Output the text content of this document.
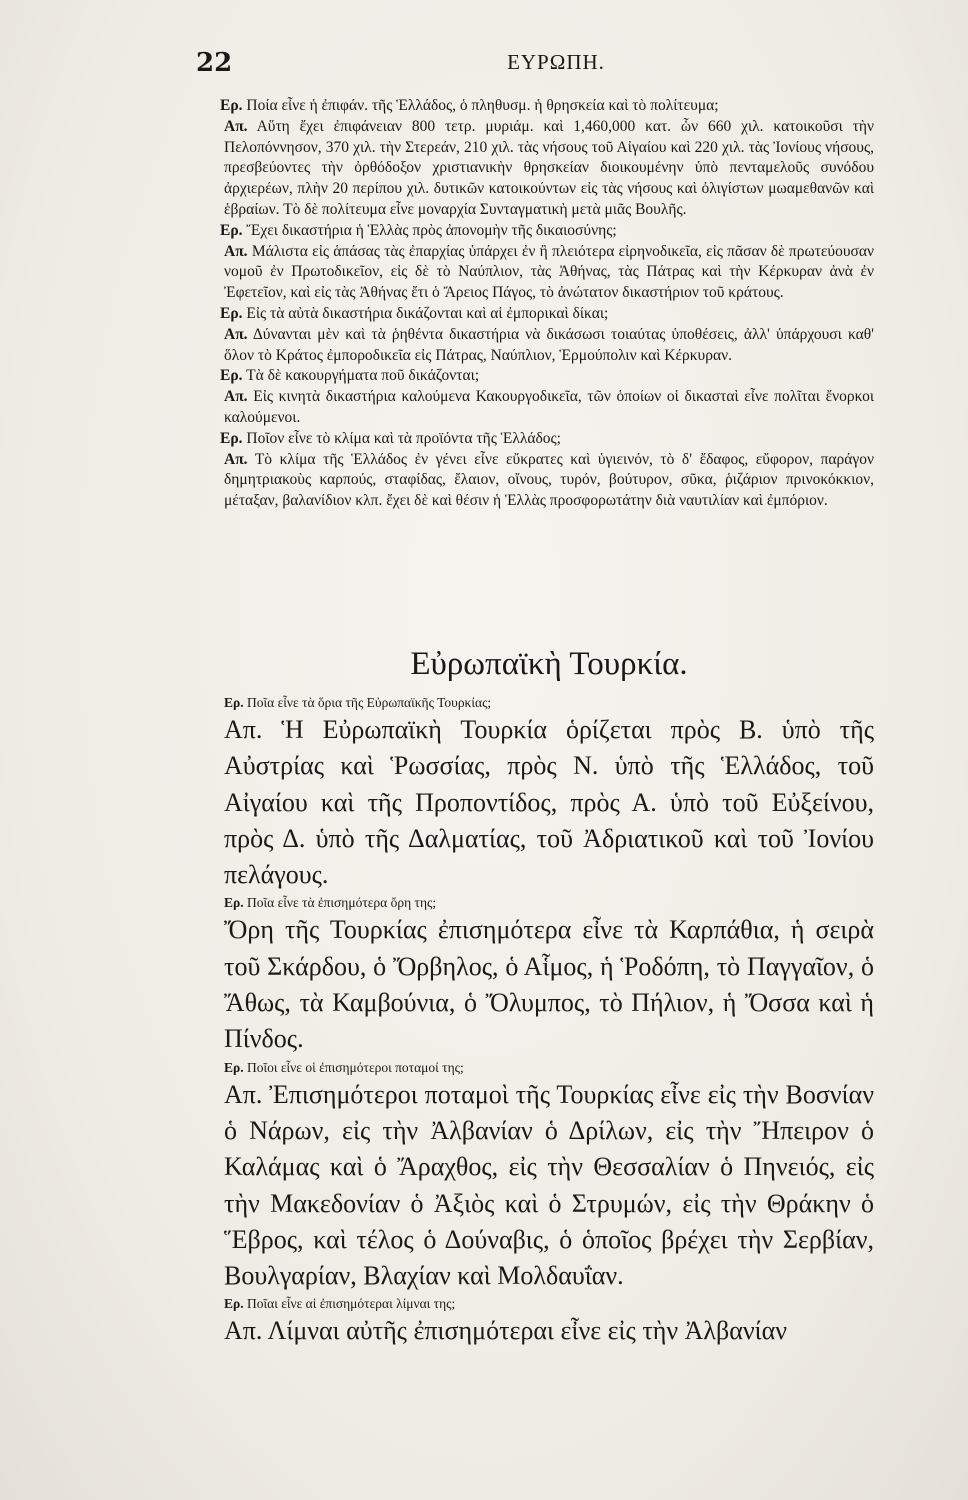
22	ΕΥΡΩΠΗ.

Ερ. Ποία εἶνε ἡ ἐπιφάν. τῆς Ἑλλάδος, ὁ πληθυσμ. ἡ θρησκεία καὶ τὸ πολίτευμα;

Απ. Αὕτη ἔχει ἐπιφάνειαν 800 τετρ. μυριάμ. καὶ 1,460,000 κατ. ὧν 660 χιλ. κατοικοῦσι τὴν Πελοπόννησον, 370 χιλ. τὴν Στερεάν, 210 χιλ. τὰς νήσους τοῦ Αἰγαίου καὶ 220 χιλ. τὰς Ἰονίους νήσους, πρεσβεύοντες τὴν ὀρθόδοξον χριστιανικὴν θρησκείαν διοικουμένην ὑπὸ πενταμελοῦς συνόδου ἀρχιερέων, πλὴν 20 περίπου χιλ. δυτικῶν κατοικούντων εἰς τὰς νήσους καὶ ὀλιγίστων μωαμεθανῶν καὶ ἑβραίων. Τὸ δὲ πολίτευμα εἶνε μοναρχία Συνταγματικὴ μετὰ μιᾶς Βουλῆς.

Ερ. Ἔχει δικαστήρια ἡ Ἑλλὰς πρὸς ἀπονομὴν τῆς δικαιοσύνης;

Απ. Μάλιστα εἰς ἁπάσας τὰς ἐπαρχίας ὑπάρχει ἐν ἢ πλειότερα εἰρηνοδικεῖα, εἰς πᾶσαν δὲ πρωτεύουσαν νομοῦ ἐν Πρωτοδικεῖον, εἰς δὲ τὸ Ναύπλιον, τὰς Ἀθήνας, τὰς Πάτρας καὶ τὴν Κέρκυραν ἀνὰ ἐν Ἐφετεῖον, καὶ εἰς τὰς Ἀθήνας ἔτι ὁ Ἄρειος Πάγος, τὸ ἀνώτατον δικαστήριον τοῦ κράτους.

Ερ. Εἰς τὰ αὐτὰ δικαστήρια δικάζονται καὶ αἱ ἐμπορικαὶ δίκαι;

Απ. Δύνανται μὲν καὶ τὰ ῥηθέντα δικαστήρια νὰ δικάσωσι τοιαύτας ὑποθέσεις, ἀλλ' ὑπάρχουσι καθ' ὅλον τὸ Κράτος ἐμποροδικεῖα εἰς Πάτρας, Ναύπλιον, Ἑρμούπολιν καὶ Κέρκυραν.

Ερ. Τὰ δὲ κακουργήματα ποῦ δικάζονται;

Απ. Εἰς κινητὰ δικαστήρια καλούμενα Κακουργοδικεῖα, τῶν ὁποίων οἱ δικασταὶ εἶνε πολῖται ἔνορκοι καλούμενοι.

Ερ. Ποῖον εἶνε τὸ κλίμα καὶ τὰ προϊόντα τῆς Ἑλλάδος;

Απ. Τὸ κλίμα τῆς Ἑλλάδος ἐν γένει εἶνε εὔκρατες καὶ ὑγιεινόν, τὸ δ' ἔδαφος, εὔφορον, παράγον δημητριακοὺς καρπούς, σταφίδας, ἔλαιον, οἴνους, τυρόν, βούτυρον, σῦκα, ῥιζάριον πρινοκόκκιον, μέταξαν, βαλανίδιον κλπ. ἔχει δὲ καὶ θέσιν ἡ Ἑλλὰς προσφορωτάτην διὰ ναυτιλίαν καὶ ἐμπόριον.

Εὐρωπαϊκὴ Τουρκία.

Ερ. Ποῖα εἶνε τὰ ὅρια τῆς Εὐρωπαϊκῆς Τουρκίας;

Απ. Ἡ Εὐρωπαϊκὴ Τουρκία ὁρίζεται πρὸς Β. ὑπὸ τῆς Αὐστρίας καὶ Ῥωσσίας, πρὸς Ν. ὑπὸ τῆς Ἑλλάδος, τοῦ Αἰγαίου καὶ τῆς Προποντίδος, πρὸς Α. ὑπὸ τοῦ Εὐξείνου, πρὸς Δ. ὑπὸ τῆς Δαλματίας, τοῦ Ἀδριατικοῦ καὶ τοῦ Ἰονίου πελάγους.

Ερ. Ποῖα εἶνε τὰ ἐπισημότερα ὄρη της;

Ὄρη τῆς Τουρκίας ἐπισημότερα εἶνε τὰ Καρπάθια, ἡ σειρὰ τοῦ Σκάρδου, ὁ Ὄρβηλος, ὁ Αἷμος, ἡ Ῥοδόπη, τὸ Παγγαῖον, ὁ Ἄθως, τὰ Καμβούνια, ὁ Ὄλυμπος, τὸ Πήλιον, ἡ Ὄσσα καὶ ἡ Πίνδος.

Ερ. Ποῖοι εἶνε οἱ ἐπισημότεροι ποταμοί της;

Απ. Ἐπισημότεροι ποταμοὶ τῆς Τουρκίας εἶνε εἰς τὴν Βοσνίαν ὁ Νάρων, εἰς τὴν Ἀλβανίαν ὁ Δρίλων, εἰς τὴν Ἤπειρον ὁ Καλάμας καὶ ὁ Ἄραχθος, εἰς τὴν Θεσσαλίαν ὁ Πηνειός, εἰς τὴν Μακεδονίαν ὁ Ἀξιὸς καὶ ὁ Στρυμών, εἰς τὴν Θράκην ὁ Ἕβρος, καὶ τέλος ὁ Δούναβις, ὁ ὁποῖος βρέχει τὴν Σερβίαν, Βουλγαρίαν, Βλαχίαν καὶ Μολδαυΐαν.

Ερ. Ποῖαι εἶνε αἱ ἐπισημότεραι λίμναι της;

Απ. Λίμναι αὐτῆς ἐπισημότεραι εἶνε εἰς τὴν Ἀλβανίαν
